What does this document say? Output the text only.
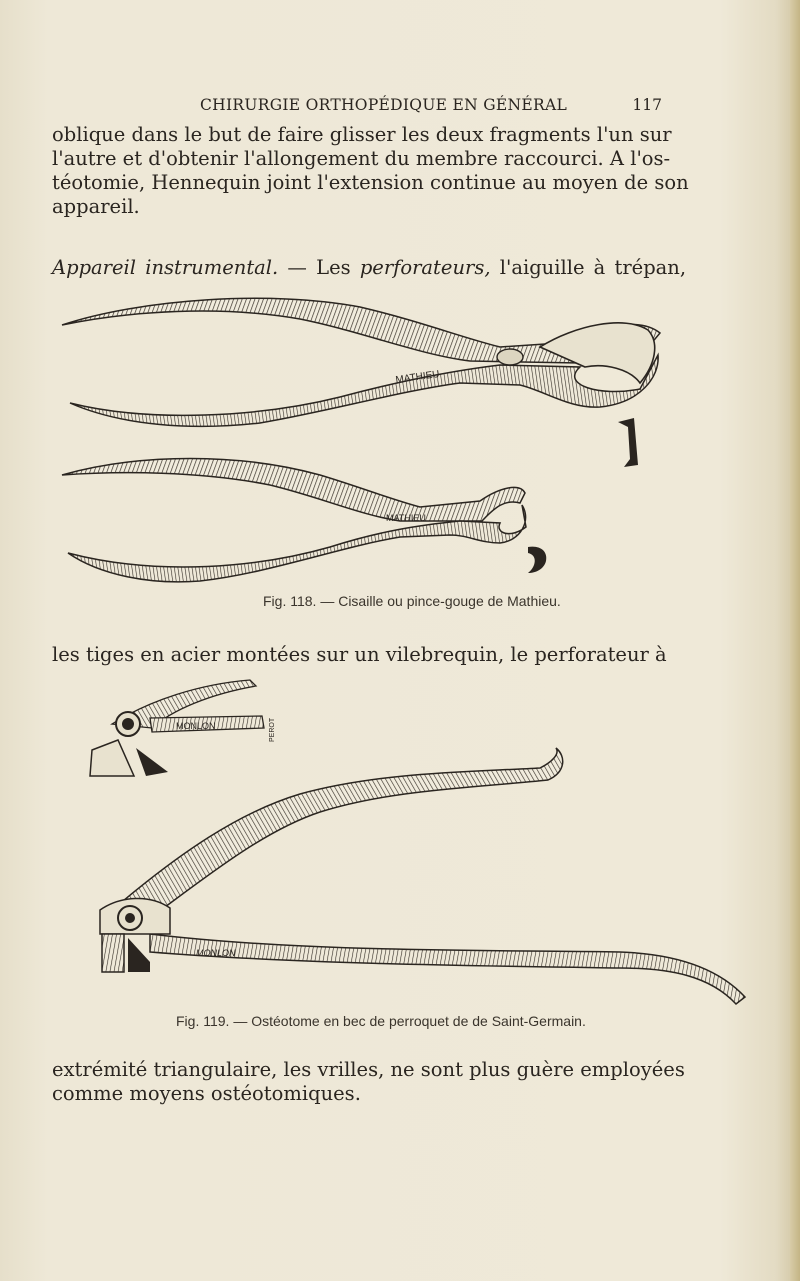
CHIRURGIE ORTHOPÉDIQUE EN GÉNÉRAL	117

oblique dans le but de faire glisser les deux fragments l'un sur
l'autre et d'obtenir l'allongement du membre raccourci. A l'os-
téotomie, Hennequin joint l'extension continue au moyen de son
appareil.

Appareil instrumental. — Les perforateurs, l'aiguille à trépan,

MATHIEU
MATHIEU
Fig. 118. — Cisaille ou pince-gouge de Mathieu.

les tiges en acier montées sur un vilebrequin, le perforateur à

MONLON	PEROT
MONLON
Fig. 119. — Ostéotome en bec de perroquet de de Saint-Germain.

extrémité triangulaire, les vrilles, ne sont plus guère employées
comme moyens ostéotomiques.
